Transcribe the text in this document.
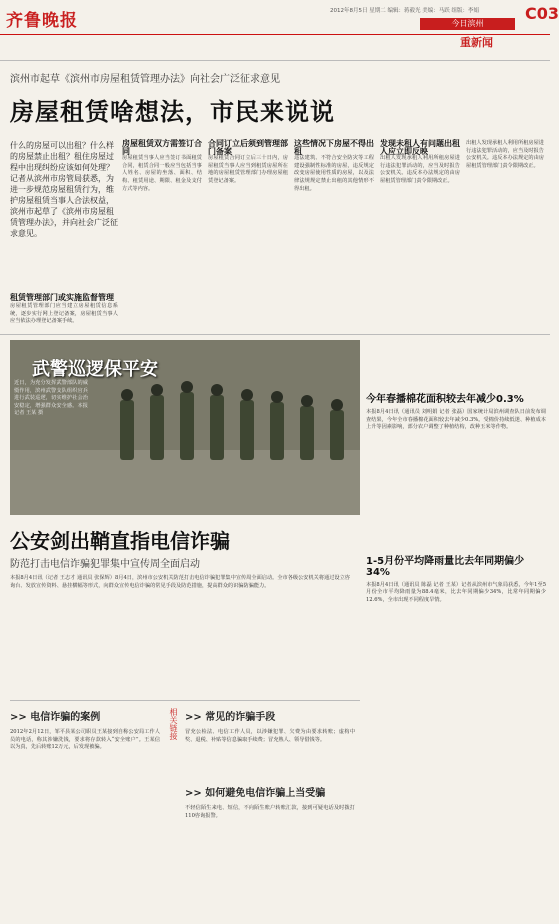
齐鲁晚报	2012年8月5日 星期二 编辑：蒋毅光 美编：马跃 组版：李娟	C03
今日滨州
重新闻
滨州市起草《滨州市房屋租赁管理办法》向社会广泛征求意见
房屋租赁啥想法，市民来说说
什么的房屋可以出租？什么样的房屋禁止出租？租住房屋过程中出现纠纷应该如何处理？记者从滨州市房管局获悉，为进一步规范房屋租赁行为，维护房屋租赁当事人合法权益，滨州市起草了《滨州市房屋租赁管理办法》，并向社会广泛征求意见。
租赁管理部门或实施监督管理
房屋租赁管理部门应当建立房屋租赁信息系统，逐步实行网上登记备案，房屋租赁当事人应当依法办理登记备案手续。
房屋租赁双方需签订合同
房屋租赁当事人应当签订书面租赁合同，租赁合同一般应当包括当事人姓名、房屋的坐落、面积、结构、租赁用途、期限、租金及支付方式等内容。
合同订立后须到管理部门备案
房屋租赁合同订立后三十日内，房屋租赁当事人应当到租赁房屋所在地的房屋租赁管理部门办理房屋租赁登记备案。
这些情况下房屋不得出租
违法建筑、不符合安全防灾等工程建设强制性标准的房屋，违反规定改变房屋使用性质的房屋，以及法律法规规定禁止出租的其他情形不得出租。
发现未租人有问题出租人应立即反映
出租人发现承租人利用所租房屋进行违法犯罪活动的，应当及时报告公安机关。违反本办法规定的由房屋租赁管理部门责令限期改正。
出租人发现承租人利用所租房屋进行违法犯罪活动的，应当及时报告公安机关。违反本办法规定的由房屋租赁管理部门责令限期改正。
武警巡逻保平安
近日，为充分发挥武警部队的威慑作用，滨州武警支队组织官兵进行武装巡逻，切实维护社会治安稳定，增强群众安全感。本报记者 王某 摄
今年春播棉花面积较去年减少0.3%
本报8月4日讯（通讯员 刘明娟 记者 张磊）国家统计局滨州调查队日前发布调查结果，今年全市春播棉花面积较去年减少0.3%。受棉价持续低迷、种植成本上升等因素影响，部分农户调整了种植结构，改种玉米等作物。
1-5月份平均降雨量比去年同期偏少34%
本报8月4日讯（通讯员 陈磊 记者 王某）记者从滨州市气象局获悉，今年1至5月份全市平均降雨量为88.4毫米，比去年同期偏少34%，比常年同期偏少12.6%，全市出现不同程度旱情。
公安剑出鞘直指电信诈骗
防范打击电信诈骗犯罪集中宣传周全面启动
本报8月4日讯（记者 王志才 通讯员 张保辉）8月4日，滨州市公安机关防范打击电信诈骗犯罪集中宣传周全面启动。全市各级公安机关将通过设立咨询台、发放宣传资料、悬挂横幅等形式，向群众宣传电信诈骗的常见手段及防范措施，提高群众的识骗防骗能力。
>> 电信诈骗的案例
2012年2月12日，邹平县某公司职员王某接到自称公安局工作人员的电话，称其涉嫌洗钱，要求将存款转入“安全账户”。王某信以为真，先后转账12万元，后发现被骗。
相关链接 >> 常见的诈骗手段
冒充公检法、电信工作人员，以涉嫌犯罪、欠费为由要求转账；虚构中奖、退税、补贴等信息骗取手续费；冒充熟人、领导借钱等。
>> 如何避免电信诈骗上当受骗
不轻信陌生来电、短信，不向陌生账户转账汇款，接到可疑电话及时拨打110咨询报警。
